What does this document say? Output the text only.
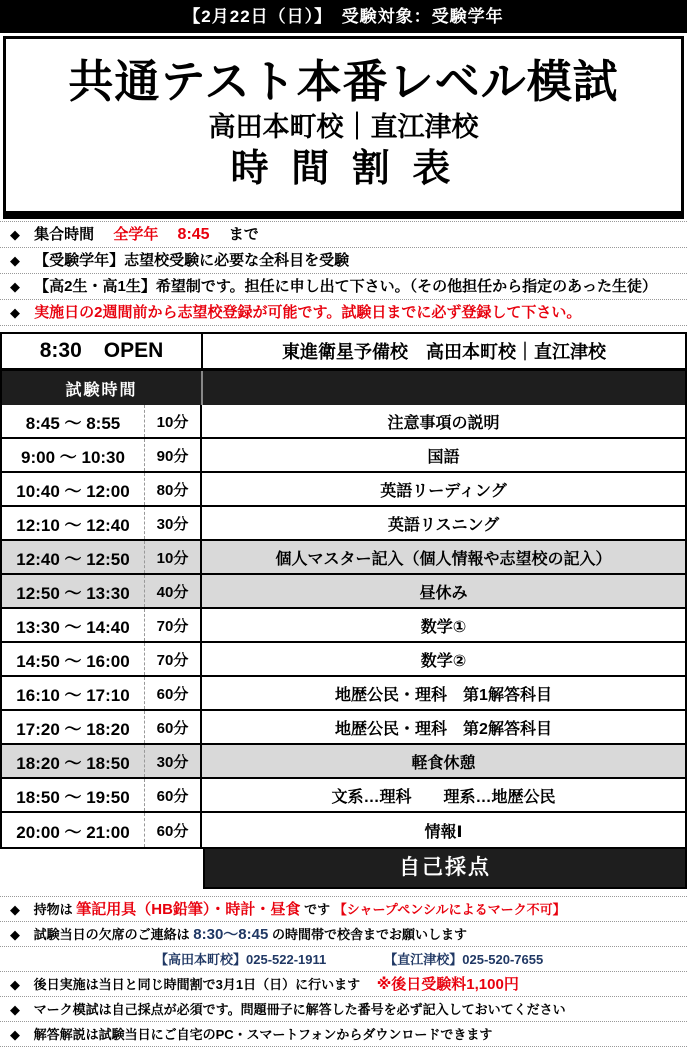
【2月22日（日）】　受験対象：受験学年
共通テスト本番レベル模試
高田本町校｜直江津校
時 間 割 表
◆ 集合時間　 全学年　 8:45　 まで
◆ 【受験学年】志望校受験に必要な全科目を受験
◆ 【高2生・高1生】希望制です。担任に申し出て下さい。（その他担任から指定のあった生徒）
◆ 実施日の2週間前から志望校登録が可能です。試験日までに必ず登録して下さい。
8:30 OPEN	東進衛星予備校　高田本町校｜直江津校
試験時間
8:45 ～ 8:55	10分	注意事項の説明
9:00 ～ 10:30	90分	国語
10:40 ～ 12:00	80分	英語リーディング
12:10 ～ 12:40	30分	英語リスニング
12:40 ～ 12:50	10分	個人マスター記入（個人情報や志望校の記入）
12:50 ～ 13:30	40分	昼休み
13:30 ～ 14:40	70分	数学①
14:50 ～ 16:00	70分	数学②
16:10 ～ 17:10	60分	地歴公民・理科　第1解答科目
17:20 ～ 18:20	60分	地歴公民・理科　第2解答科目
18:20 ～ 18:50	30分	軽食休憩
18:50 ～ 19:50	60分	文系…理科　　理系…地歴公民
20:00 ～ 21:00	60分	情報Ⅰ
自己採点
◆ 持物は 筆記用具（HB鉛筆）・時計・昼食 です 【シャープペンシルによるマーク不可】
◆ 試験当日の欠席のご連絡は 8:30～8:45 の時間帯で校舎までお願いします
【高田本町校】025-522-1911	【直江津校】025-520-7655
◆ 後日実施は当日と同じ時間割で3月1日（日）に行います　 ※後日受験料1,100円
◆ マーク模試は自己採点が必須です。問題冊子に解答した番号を必ず記入しておいてください
◆ 解答解説は試験当日にご自宅のPC・スマートフォンからダウンロードできます
